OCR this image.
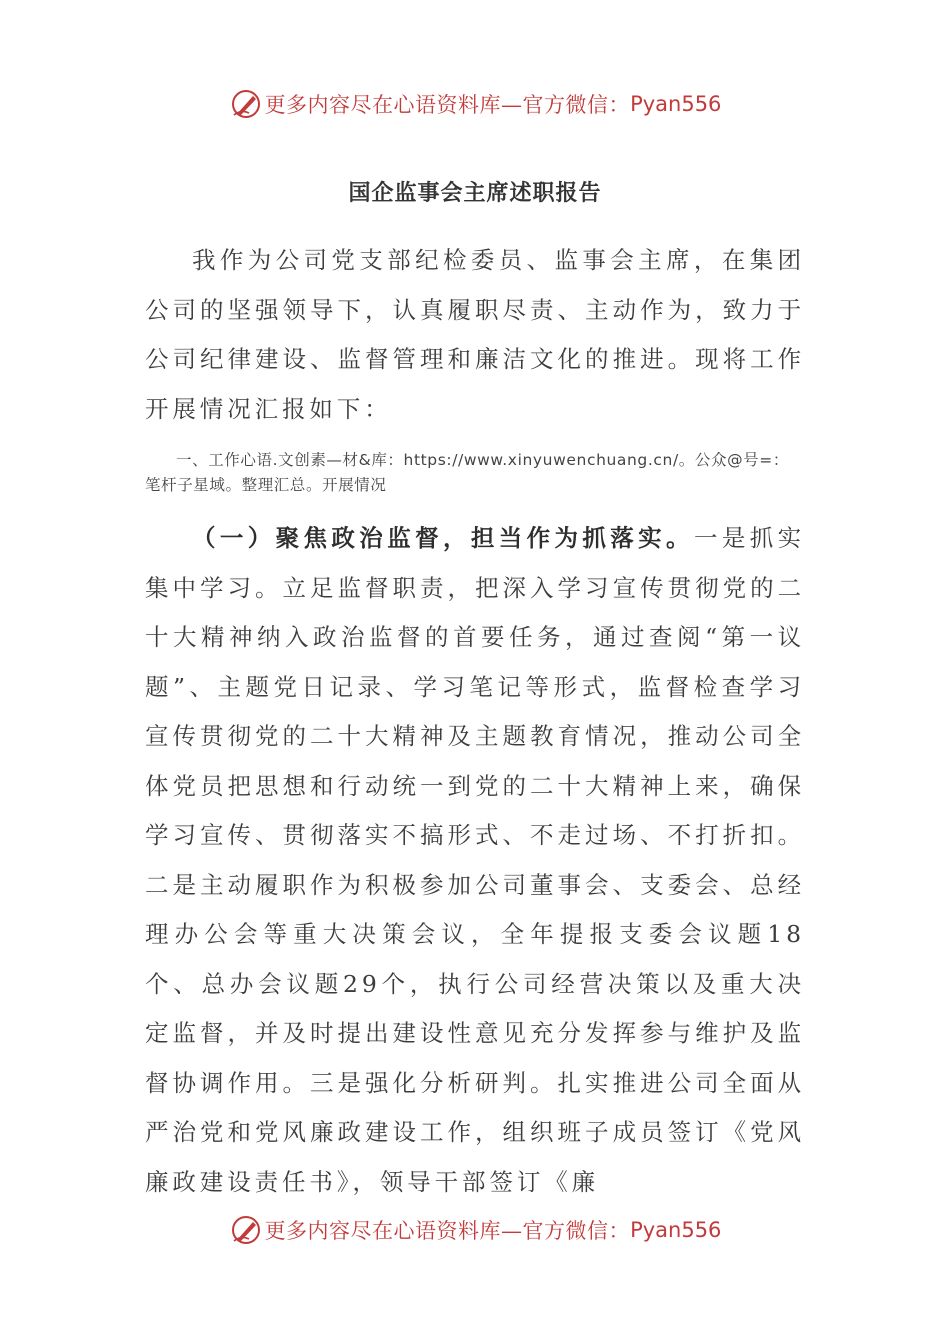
更多内容尽在心语资料库—官方微信： Pyan556
国企监事会主席述职报告

我作为公司党支部纪检委员、监事会主席，在集团公司的坚强领导下，认真履职尽责、主动作为，致力于公司纪律建设、监督管理和廉洁文化的推进。现将工作开展情况汇报如下：

一、工作心语.文创素—材&库：https://www.xinyuwenchuang.cn/。公众@号=：笔杆子星域。整理汇总。开展情况

（一）聚焦政治监督，担当作为抓落实。一是抓实集中学习。立足监督职责，把深入学习宣传贯彻党的二十大精神纳入政治监督的首要任务，通过查阅“第一议题”、主题党日记录、学习笔记等形式，监督检查学习宣传贯彻党的二十大精神及主题教育情况，推动公司全体党员把思想和行动统一到党的二十大精神上来，确保学习宣传、贯彻落实不搞形式、不走过场、不打折扣。二是主动履职作为积极参加公司董事会、支委会、总经理办公会等重大决策会议，全年提报支委会议题18个、总办会议题29个，执行公司经营决策以及重大决定监督，并及时提出建设性意见充分发挥参与维护及监督协调作用。三是强化分析研判。扎实推进公司全面从严治党和党风廉政建设工作，组织班子成员签订《党风廉政建设责任书》，领导干部签订《廉

更多内容尽在心语资料库—官方微信： Pyan556
